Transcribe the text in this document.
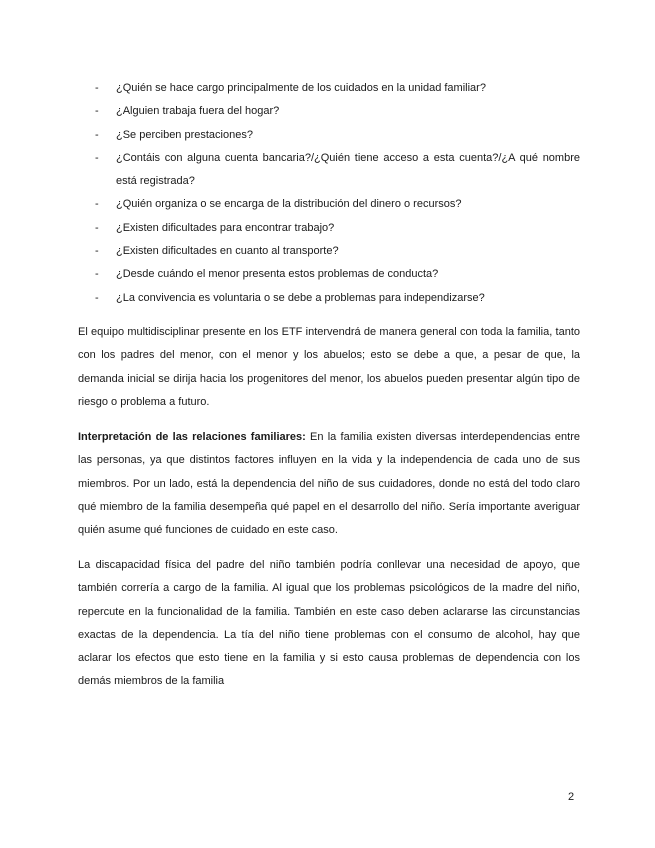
- ¿Quién se hace cargo principalmente de los cuidados en la unidad familiar?
- ¿Alguien trabaja fuera del hogar?
- ¿Se perciben prestaciones?
- ¿Contáis con alguna cuenta bancaria?/¿Quién tiene acceso a esta cuenta?/¿A qué nombre está registrada?
- ¿Quién organiza o se encarga de la distribución del dinero o recursos?
- ¿Existen dificultades para encontrar trabajo?
- ¿Existen dificultades en cuanto al transporte?
- ¿Desde cuándo el menor presenta estos problemas de conducta?
- ¿La convivencia es voluntaria o se debe a problemas para independizarse?

El equipo multidisciplinar presente en los ETF intervendrá de manera general con toda la familia, tanto con los padres del menor, con el menor y los abuelos; esto se debe a que, a pesar de que, la demanda inicial se dirija hacia los progenitores del menor, los abuelos pueden presentar algún tipo de riesgo o problema a futuro.

Interpretación de las relaciones familiares: En la familia existen diversas interdependencias entre las personas, ya que distintos factores influyen en la vida y la independencia de cada uno de sus miembros. Por un lado, está la dependencia del niño de sus cuidadores, donde no está del todo claro qué miembro de la familia desempeña qué papel en el desarrollo del niño. Sería importante averiguar quién asume qué funciones de cuidado en este caso.

La discapacidad física del padre del niño también podría conllevar una necesidad de apoyo, que también correría a cargo de la familia. Al igual que los problemas psicológicos de la madre del niño, repercute en la funcionalidad de la familia. También en este caso deben aclararse las circunstancias exactas de la dependencia. La tía del niño tiene problemas con el consumo de alcohol, hay que aclarar los efectos que esto tiene en la familia y si esto causa problemas de dependencia con los demás miembros de la familia

2
